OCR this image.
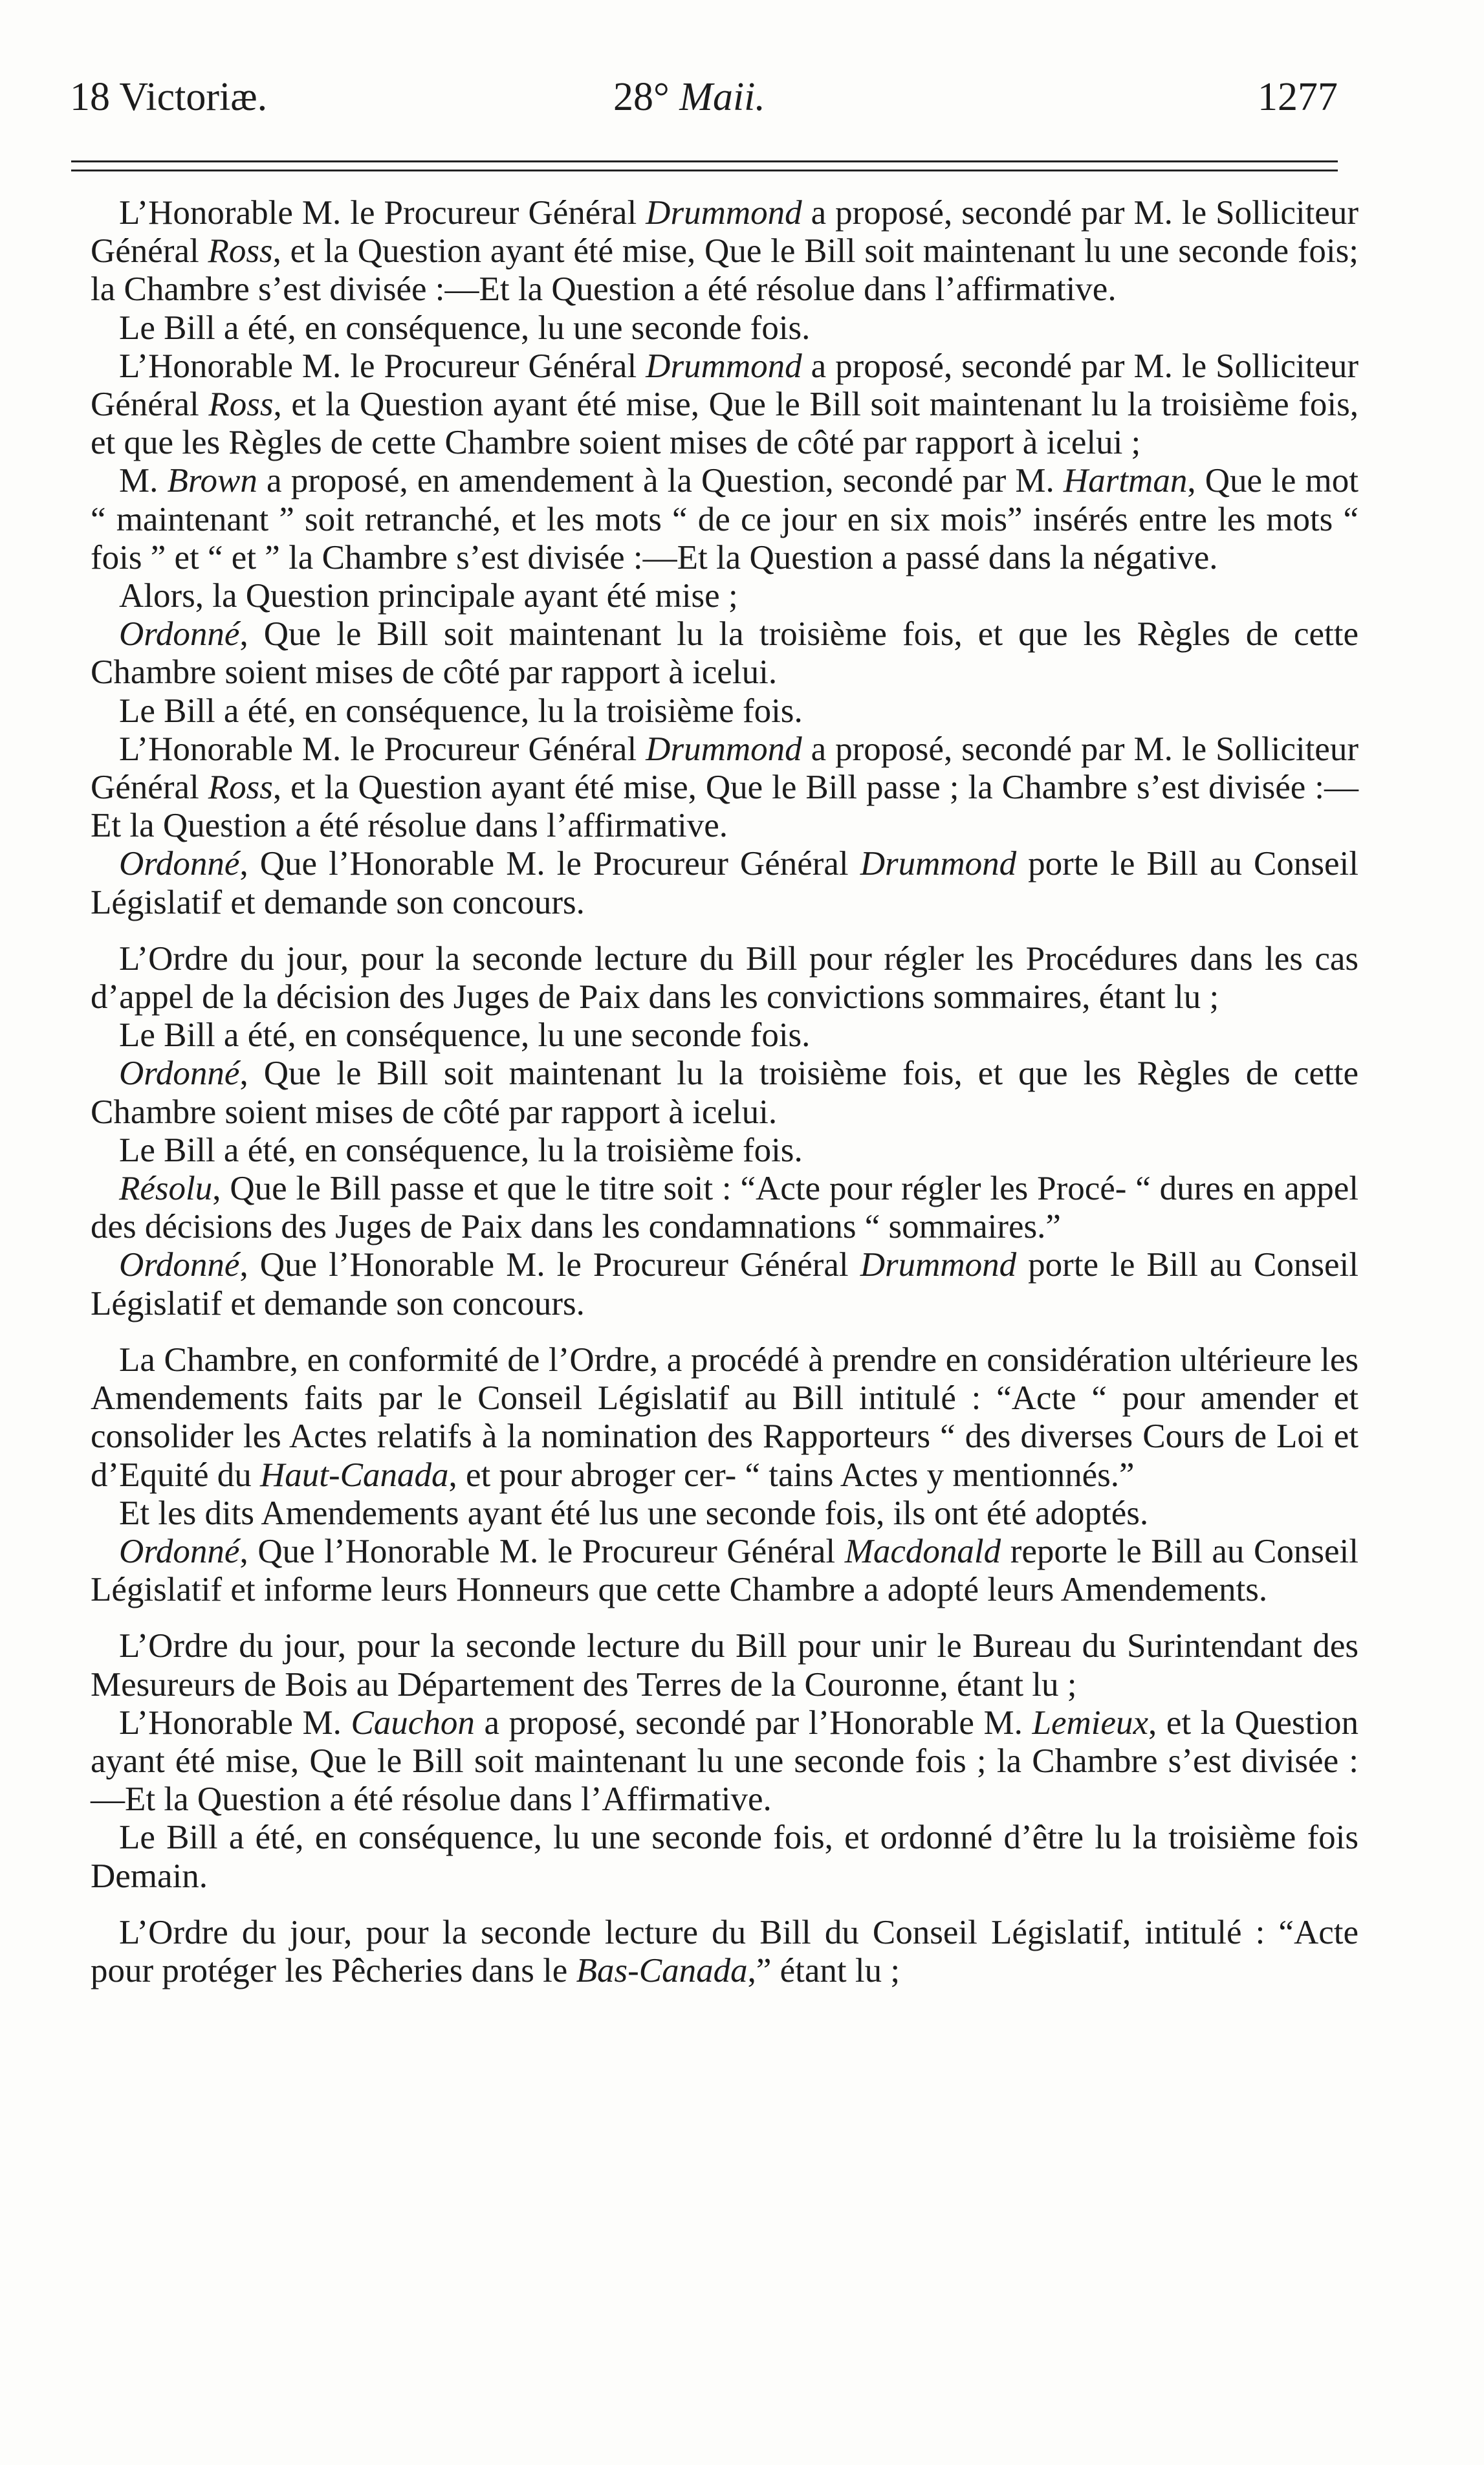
18 Victoriæ.	28° Maii.	1277

L’Honorable M. le Procureur Général Drummond a proposé, secondé par M. le Solliciteur Général Ross, et la Question ayant été mise, Que le Bill soit maintenant lu une seconde fois; la Chambre s’est divisée :—Et la Question a été résolue dans l’affirmative.

Le Bill a été, en conséquence, lu une seconde fois.

L’Honorable M. le Procureur Général Drummond a proposé, secondé par M. le Solliciteur Général Ross, et la Question ayant été mise, Que le Bill soit maintenant lu la troisième fois, et que les Règles de cette Chambre soient mises de côté par rapport à icelui ;

M. Brown a proposé, en amendement à la Question, secondé par M. Hartman, Que le mot “ maintenant ” soit retranché, et les mots “ de ce jour en six mois” insérés entre les mots “ fois ” et “ et ” la Chambre s’est divisée :—Et la Question a passé dans la négative.

Alors, la Question principale ayant été mise ;

Ordonné, Que le Bill soit maintenant lu la troisième fois, et que les Règles de cette Chambre soient mises de côté par rapport à icelui.

Le Bill a été, en conséquence, lu la troisième fois.

L’Honorable M. le Procureur Général Drummond a proposé, secondé par M. le Solliciteur Général Ross, et la Question ayant été mise, Que le Bill passe ; la Chambre s’est divisée :—Et la Question a été résolue dans l’affirmative.

Ordonné, Que l’Honorable M. le Procureur Général Drummond porte le Bill au Conseil Législatif et demande son concours.

L’Ordre du jour, pour la seconde lecture du Bill pour régler les Procédures dans les cas d’appel de la décision des Juges de Paix dans les convictions sommaires, étant lu ;

Le Bill a été, en conséquence, lu une seconde fois.

Ordonné, Que le Bill soit maintenant lu la troisième fois, et que les Règles de cette Chambre soient mises de côté par rapport à icelui.

Le Bill a été, en conséquence, lu la troisième fois.

Résolu, Que le Bill passe et que le titre soit : “Acte pour régler les Procé- “ dures en appel des décisions des Juges de Paix dans les condamnations “ sommaires.”

Ordonné, Que l’Honorable M. le Procureur Général Drummond porte le Bill au Conseil Législatif et demande son concours.

La Chambre, en conformité de l’Ordre, a procédé à prendre en considération ultérieure les Amendements faits par le Conseil Législatif au Bill intitulé : “Acte “ pour amender et consolider les Actes relatifs à la nomination des Rapporteurs “ des diverses Cours de Loi et d’Equité du Haut-Canada, et pour abroger cer- “ tains Actes y mentionnés.”

Et les dits Amendements ayant été lus une seconde fois, ils ont été adoptés.

Ordonné, Que l’Honorable M. le Procureur Général Macdonald reporte le Bill au Conseil Législatif et informe leurs Honneurs que cette Chambre a adopté leurs Amendements.

L’Ordre du jour, pour la seconde lecture du Bill pour unir le Bureau du Surintendant des Mesureurs de Bois au Département des Terres de la Couronne, étant lu ;

L’Honorable M. Cauchon a proposé, secondé par l’Honorable M. Lemieux, et la Question ayant été mise, Que le Bill soit maintenant lu une seconde fois ; la Chambre s’est divisée :—Et la Question a été résolue dans l’Affirmative.

Le Bill a été, en conséquence, lu une seconde fois, et ordonné d’être lu la troisième fois Demain.

L’Ordre du jour, pour la seconde lecture du Bill du Conseil Législatif, intitulé : “Acte pour protéger les Pêcheries dans le Bas-Canada,” étant lu ;
